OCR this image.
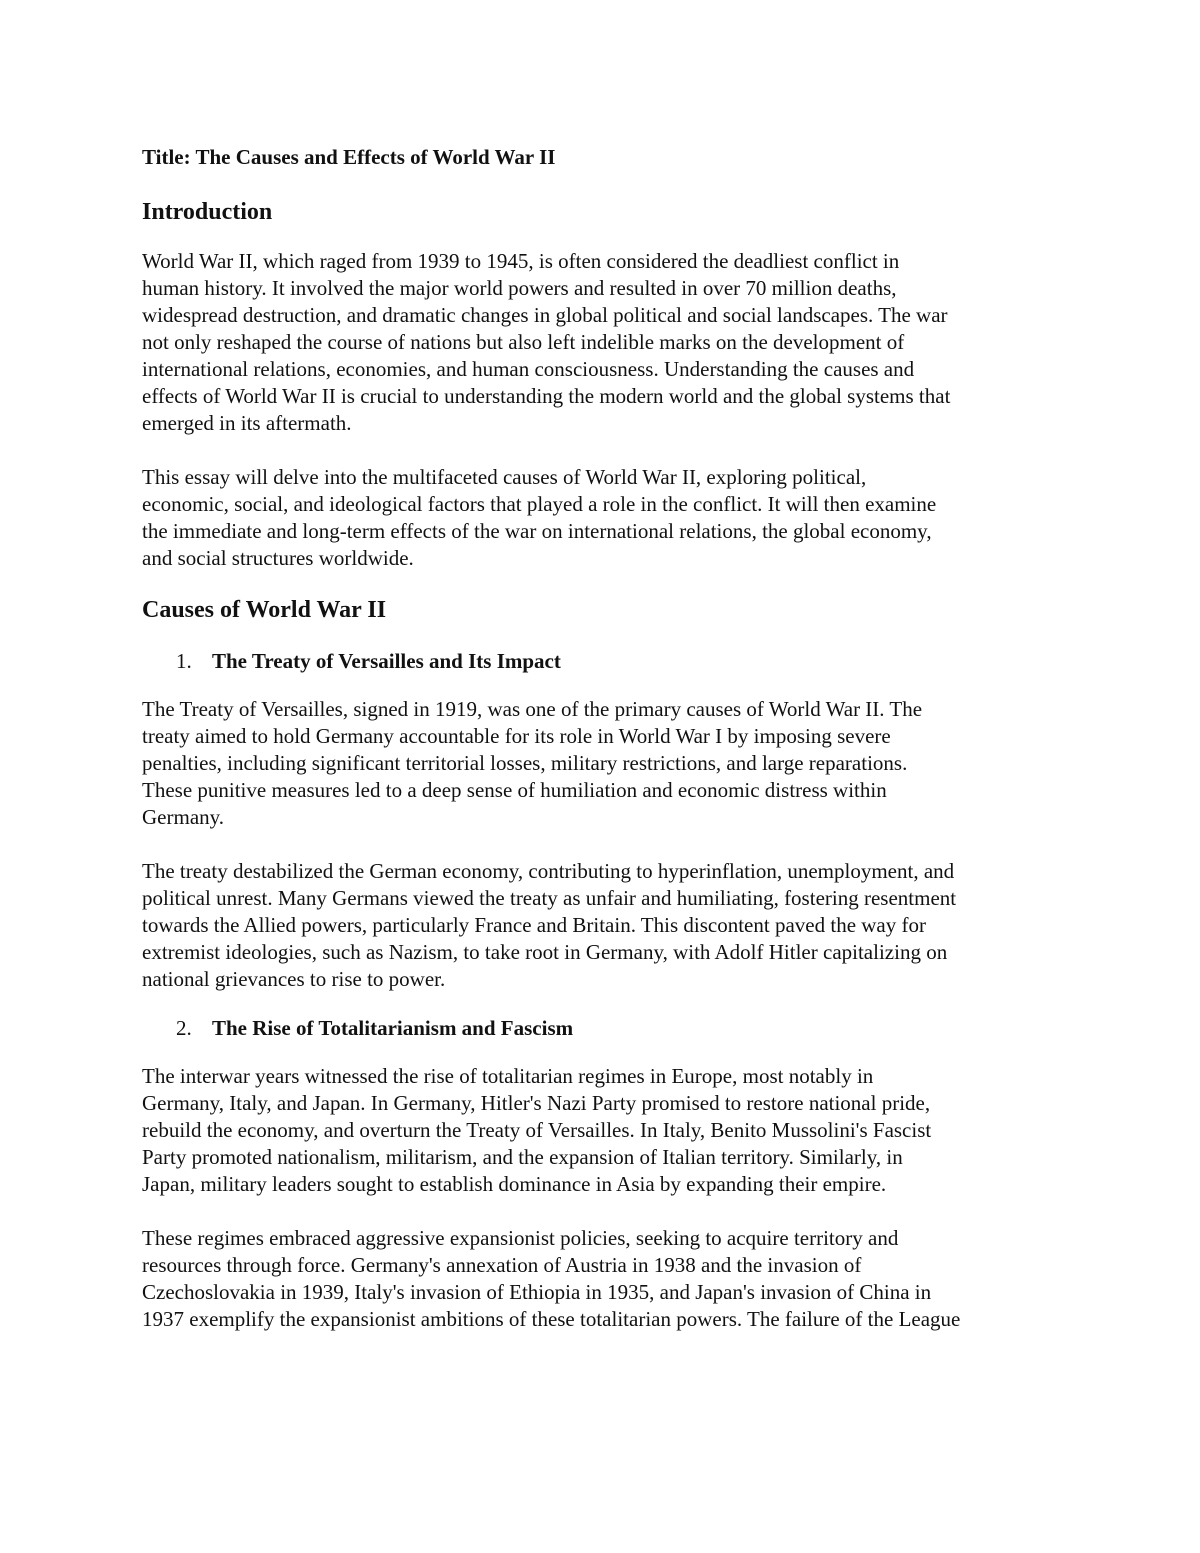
Title: The Causes and Effects of World War II

Introduction

World War II, which raged from 1939 to 1945, is often considered the deadliest conflict in
human history. It involved the major world powers and resulted in over 70 million deaths,
widespread destruction, and dramatic changes in global political and social landscapes. The war
not only reshaped the course of nations but also left indelible marks on the development of
international relations, economies, and human consciousness. Understanding the causes and
effects of World War II is crucial to understanding the modern world and the global systems that
emerged in its aftermath.

This essay will delve into the multifaceted causes of World War II, exploring political,
economic, social, and ideological factors that played a role in the conflict. It will then examine
the immediate and long-term effects of the war on international relations, the global economy,
and social structures worldwide.

Causes of World War II
1. The Treaty of Versailles and Its Impact

The Treaty of Versailles, signed in 1919, was one of the primary causes of World War II. The
treaty aimed to hold Germany accountable for its role in World War I by imposing severe
penalties, including significant territorial losses, military restrictions, and large reparations.
These punitive measures led to a deep sense of humiliation and economic distress within
Germany.

The treaty destabilized the German economy, contributing to hyperinflation, unemployment, and
political unrest. Many Germans viewed the treaty as unfair and humiliating, fostering resentment
towards the Allied powers, particularly France and Britain. This discontent paved the way for
extremist ideologies, such as Nazism, to take root in Germany, with Adolf Hitler capitalizing on
national grievances to rise to power.

2. The Rise of Totalitarianism and Fascism

The interwar years witnessed the rise of totalitarian regimes in Europe, most notably in
Germany, Italy, and Japan. In Germany, Hitler's Nazi Party promised to restore national pride,
rebuild the economy, and overturn the Treaty of Versailles. In Italy, Benito Mussolini's Fascist
Party promoted nationalism, militarism, and the expansion of Italian territory. Similarly, in
Japan, military leaders sought to establish dominance in Asia by expanding their empire.

These regimes embraced aggressive expansionist policies, seeking to acquire territory and
resources through force. Germany's annexation of Austria in 1938 and the invasion of
Czechoslovakia in 1939, Italy's invasion of Ethiopia in 1935, and Japan's invasion of China in
1937 exemplify the expansionist ambitions of these totalitarian powers. The failure of the League
